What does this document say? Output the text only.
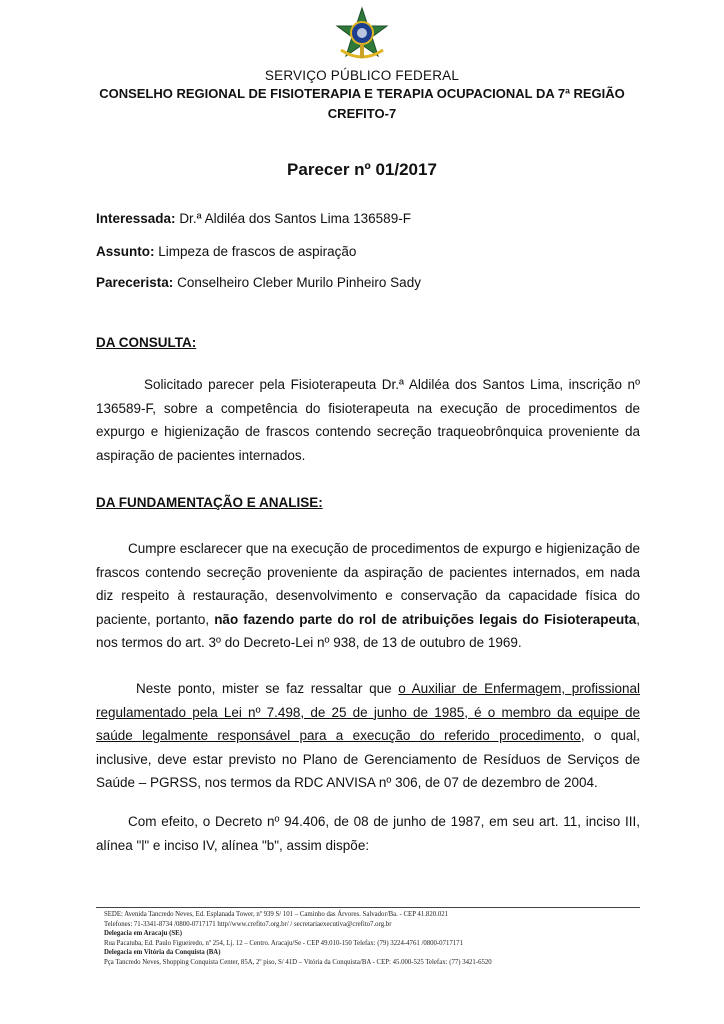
SERVIÇO PÚBLICO FEDERAL
CONSELHO REGIONAL DE FISIOTERAPIA E TERAPIA OCUPACIONAL DA 7ª REGIÃO
CREFITO-7
Parecer nº 01/2017
Interessada: Dr.ª Aldiléa dos Santos Lima 136589-F
Assunto: Limpeza de frascos de aspiração
Parecerista: Conselheiro Cleber Murilo Pinheiro Sady
DA CONSULTA:
Solicitado parecer pela Fisioterapeuta Dr.ª Aldiléa dos Santos Lima, inscrição nº 136589-F, sobre a competência do fisioterapeuta na execução de procedimentos de expurgo e higienização de frascos contendo secreção traqueobrônquica proveniente da aspiração de pacientes internados.
DA FUNDAMENTAÇÃO E ANALISE:
Cumpre esclarecer que na execução de procedimentos de expurgo e higienização de frascos contendo secreção proveniente da aspiração de pacientes internados, em nada diz respeito à restauração, desenvolvimento e conservação da capacidade física do paciente, portanto, não fazendo parte do rol de atribuições legais do Fisioterapeuta, nos termos do art. 3º do Decreto-Lei nº 938, de 13 de outubro de 1969.
Neste ponto, mister se faz ressaltar que o Auxiliar de Enfermagem, profissional regulamentado pela Lei nº 7.498, de 25 de junho de 1985, é o membro da equipe de saúde legalmente responsável para a execução do referido procedimento, o qual, inclusive, deve estar previsto no Plano de Gerenciamento de Resíduos de Serviços de Saúde – PGRSS, nos termos da RDC ANVISA nº 306, de 07 de dezembro de 2004.
Com efeito, o Decreto nº 94.406, de 08 de junho de 1987, em seu art. 11, inciso III, alínea "l" e inciso IV, alínea "b", assim dispõe:
SEDE: Avenida Tancredo Neves, Ed. Esplanada Tower, nº 939 S/ 101 – Caminho das Árvores. Salvador/Ba. - CEP 41.820.021
Telefones: 71-3341-8734 /0800-0717171 http//www.crefito7.org.br/ / secretariaexecutiva@crefito7.org.br
Delegacia em Aracaju (SE)
Rua Pacatuba, Ed. Paulo Figueiredo, nº 254, Lj. 12 – Centro. Aracaju/Se - CEP 49.010-150 Telefax: (79) 3224-4761 /0800-0717171
Delegacia em Vitória da Conquista (BA)
Pça Tancredo Neves, Shopping Conquista Center, 85A, 2º piso, S/ 41D – Vitória da Conquista/BA - CEP: 45.000-525 Telefax: (77) 3421-6520
